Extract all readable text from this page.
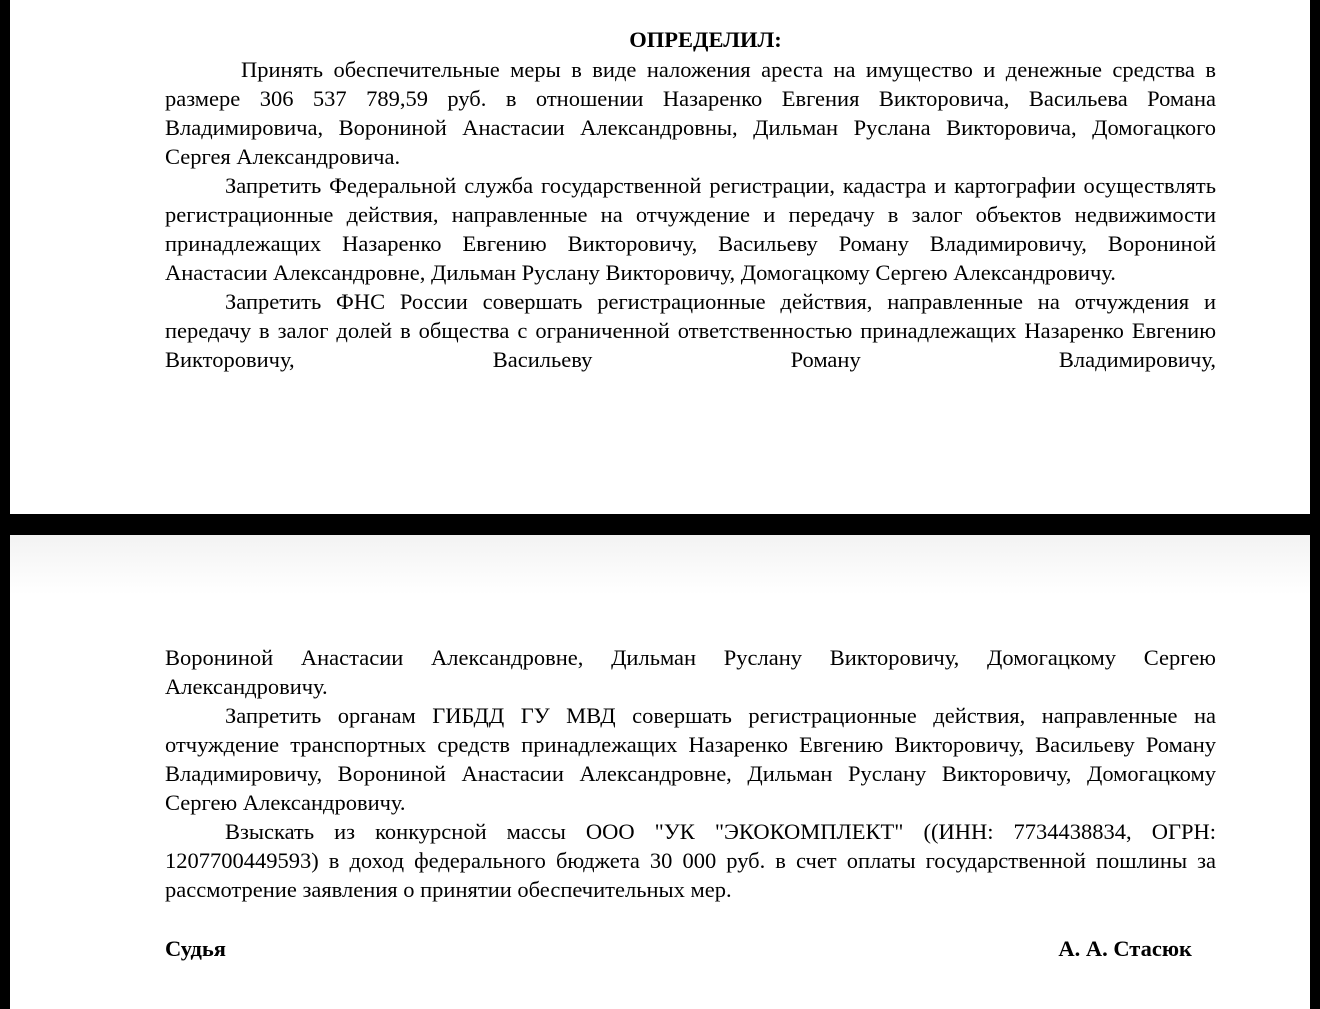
ОПРЕДЕЛИЛ:

Принять обеспечительные меры в виде наложения ареста на имущество и денежные средства в размере 306 537 789,59 руб. в отношении Назаренко Евгения Викторовича, Васильева Романа Владимировича, Ворониной Анастасии Александровны, Дильман Руслана Викторовича, Домогацкого Сергея Александровича.

Запретить Федеральной служба государственной регистрации, кадастра и картографии осуществлять регистрационные действия, направленные на отчуждение и передачу в залог объектов недвижимости принадлежащих Назаренко Евгению Викторовичу, Васильеву Роману Владимировичу, Ворониной Анастасии Александровне, Дильман Руслану Викторовичу, Домогацкому Сергею Александровичу.

Запретить ФНС России совершать регистрационные действия, направленные на отчуждения и передачу в залог долей в общества с ограниченной ответственностью принадлежащих Назаренко Евгению Викторовичу, Васильеву Роману Владимировичу,

Ворониной Анастасии Александровне, Дильман Руслану Викторовичу, Домогацкому Сергею Александровичу.

Запретить органам ГИБДД ГУ МВД совершать регистрационные действия, направленные на отчуждение транспортных средств принадлежащих Назаренко Евгению Викторовичу, Васильеву Роману Владимировичу, Ворониной Анастасии Александровне, Дильман Руслану Викторовичу, Домогацкому Сергею Александровичу.

Взыскать из конкурсной массы ООО "УК "ЭКОКОМПЛЕКТ" ((ИНН: 7734438834, ОГРН: 1207700449593) в доход федерального бюджета 30 000 руб. в счет оплаты государственной пошлины за рассмотрение заявления о принятии обеспечительных мер.

Судья	А. А. Стасюк
